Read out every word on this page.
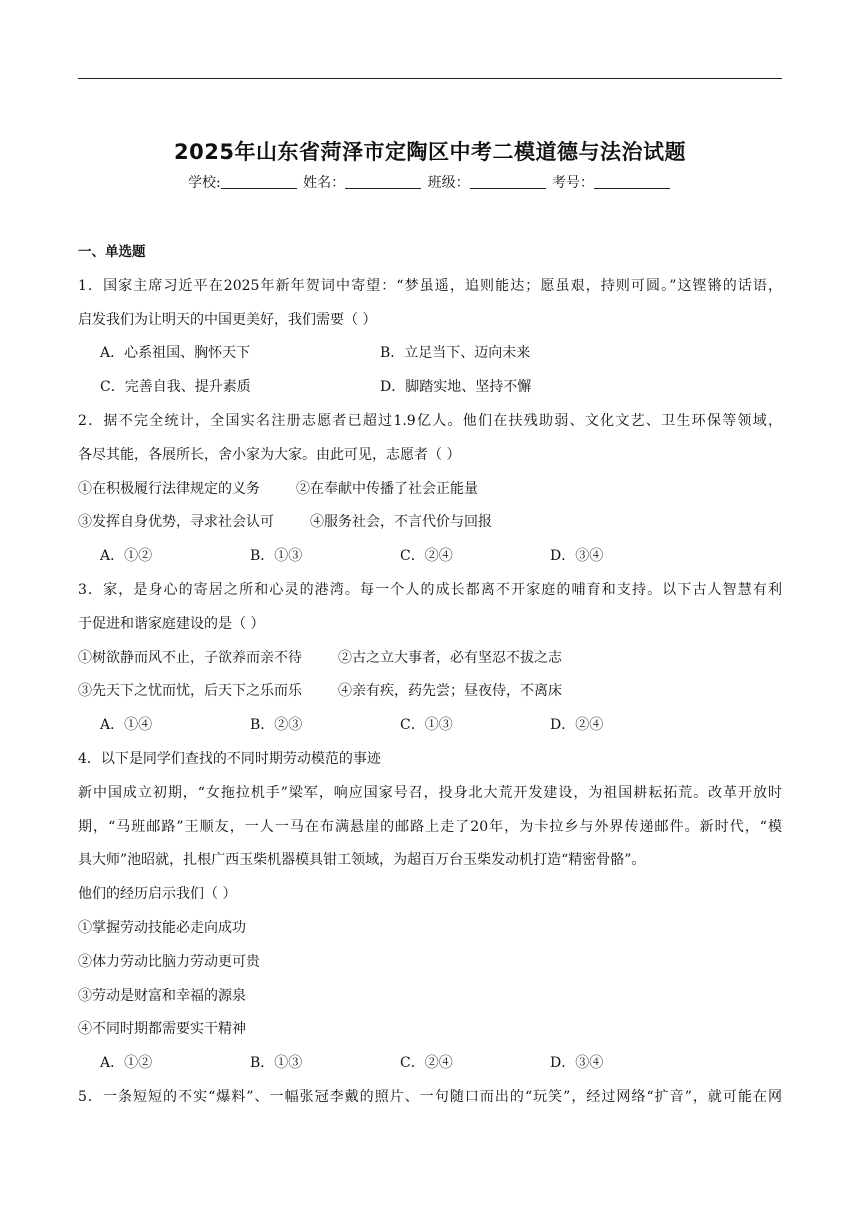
2025年山东省菏泽市定陶区中考二模道德与法治试题
学校:	姓名：	班级：	考号：
一、单选题
1．国家主席习近平在2025年新年贺词中寄望：“梦虽遥，追则能达；愿虽艰，持则可圆。”这铿锵的话语，
启发我们为让明天的中国更美好，我们需要（ ）
A．心系祖国、胸怀天下	B．立足当下、迈向未来
C．完善自我、提升素质	D．脚踏实地、坚持不懈
2．据不完全统计，全国实名注册志愿者已超过1.9亿人。他们在扶残助弱、文化文艺、卫生环保等领域，
各尽其能，各展所长，舍小家为大家。由此可见，志愿者（ ）
①在积极履行法律规定的义务	②在奉献中传播了社会正能量
③发挥自身优势，寻求社会认可	④服务社会，不言代价与回报
A．①②	B．①③	C．②④	D．③④
3．家，是身心的寄居之所和心灵的港湾。每一个人的成长都离不开家庭的哺育和支持。以下古人智慧有利
于促进和谐家庭建设的是（ ）
①树欲静而风不止，子欲养而亲不待	②古之立大事者，必有坚忍不拔之志
③先天下之忧而忧，后天下之乐而乐	④亲有疾，药先尝；昼夜侍，不离床
A．①④	B．②③	C．①③	D．②④
4．以下是同学们查找的不同时期劳动模范的事迹
新中国成立初期，“女拖拉机手”梁军，响应国家号召，投身北大荒开发建设，为祖国耕耘拓荒。改革开放时
期，“马班邮路”王顺友，一人一马在布满悬崖的邮路上走了20年，为卡拉乡与外界传递邮件。新时代，“模
具大师”池昭就，扎根广西玉柴机器模具钳工领域，为超百万台玉柴发动机打造“精密骨骼”。
他们的经历启示我们（ ）
①掌握劳动技能必走向成功
②体力劳动比脑力劳动更可贵
③劳动是财富和幸福的源泉
④不同时期都需要实干精神
A．①②	B．①③	C．②④	D．③④
5．一条短短的不实“爆料”、一幅张冠李戴的照片、一句随口而出的“玩笑”，经过网络“扩音”，就可能在网
